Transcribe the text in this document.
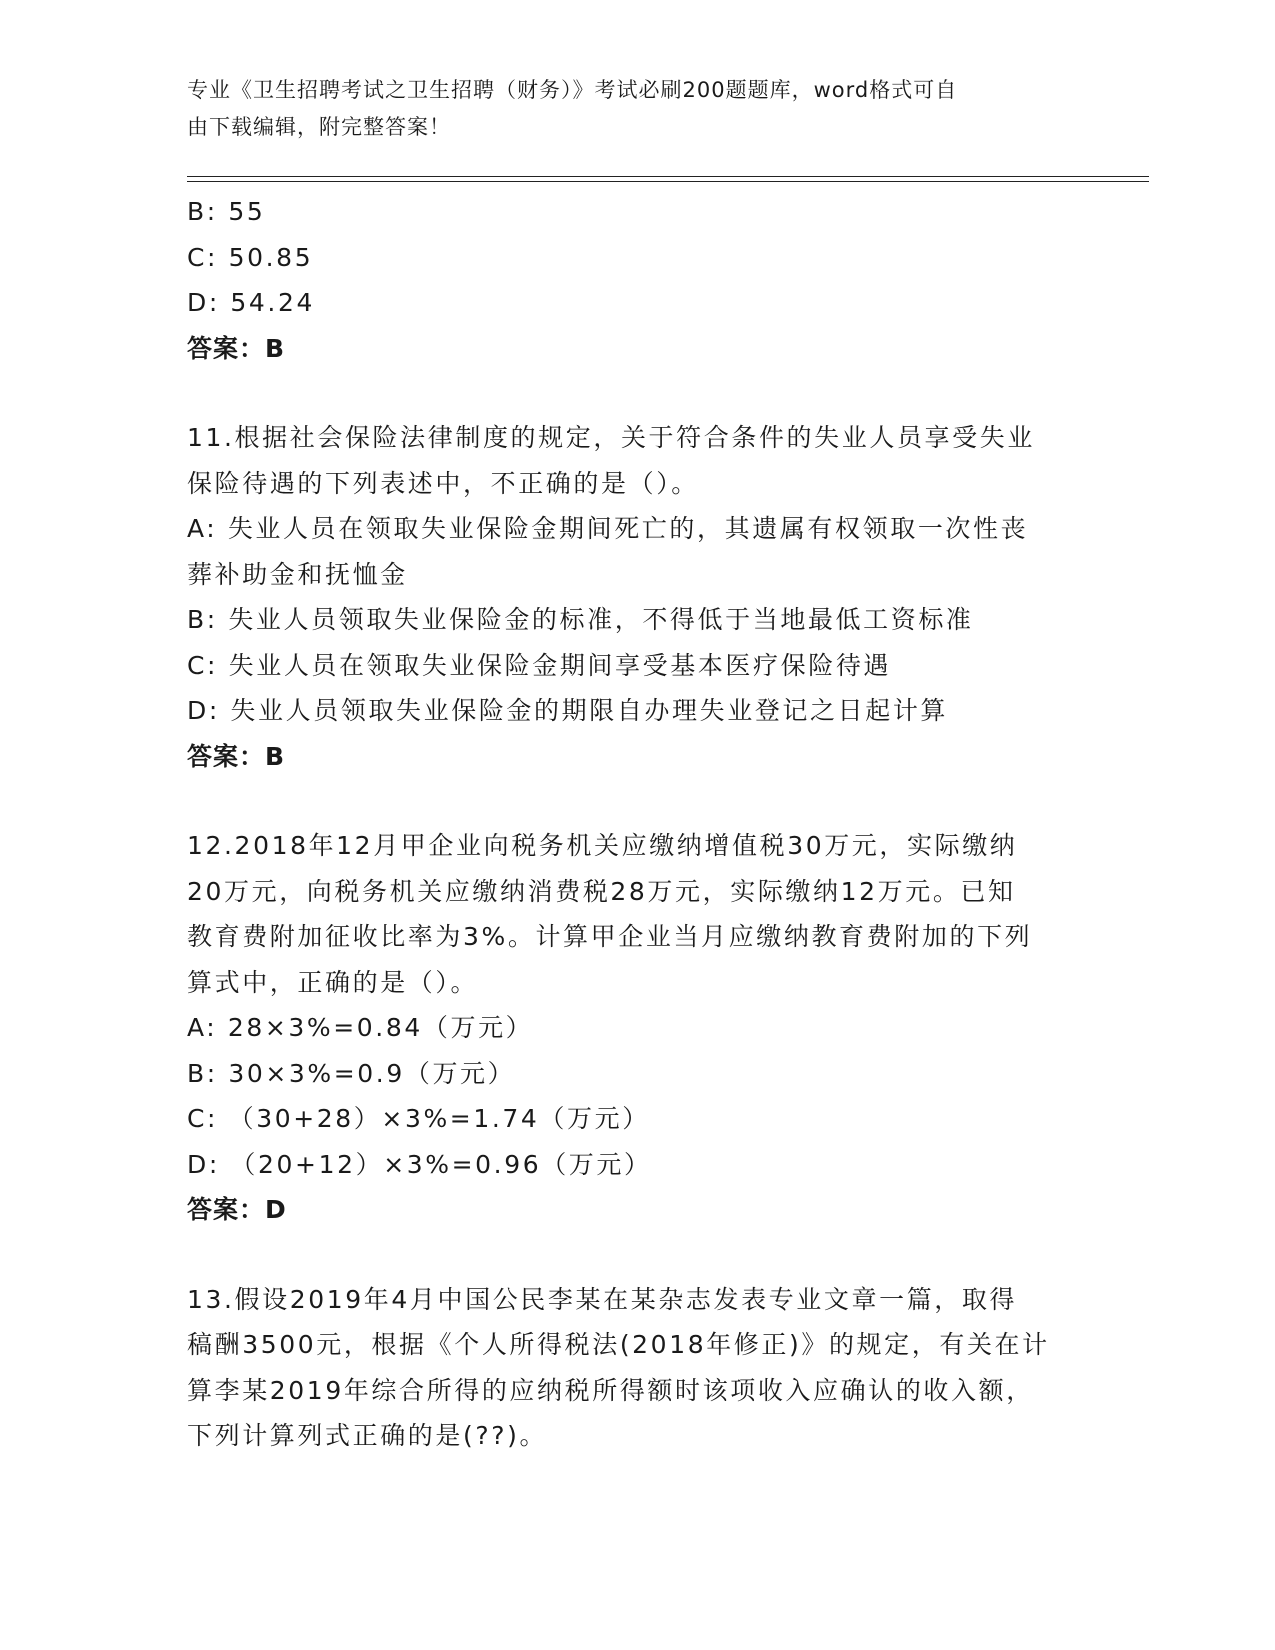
专业《卫生招聘考试之卫生招聘（财务）》考试必刷200题题库，word格式可自
由下载编辑，附完整答案！
B: 55
C: 50.85
D: 54.24
答案：B
11.根据社会保险法律制度的规定，关于符合条件的失业人员享受失业
保险待遇的下列表述中，不正确的是（）。
A: 失业人员在领取失业保险金期间死亡的，其遗属有权领取一次性丧
葬补助金和抚恤金
B: 失业人员领取失业保险金的标准，不得低于当地最低工资标准
C: 失业人员在领取失业保险金期间享受基本医疗保险待遇
D: 失业人员领取失业保险金的期限自办理失业登记之日起计算
答案：B
12.2018年12月甲企业向税务机关应缴纳增值税30万元，实际缴纳
20万元，向税务机关应缴纳消费税28万元，实际缴纳12万元。已知
教育费附加征收比率为3%。计算甲企业当月应缴纳教育费附加的下列
算式中，正确的是（）。
A: 28×3%=0.84（万元）
B: 30×3%=0.9（万元）
C: （30+28）×3%=1.74（万元）
D: （20+12）×3%=0.96（万元）
答案：D
13.假设2019年4月中国公民李某在某杂志发表专业文章一篇，取得
稿酬3500元，根据《个人所得税法(2018年修正)》的规定，有关在计
算李某2019年综合所得的应纳税所得额时该项收入应确认的收入额，
下列计算列式正确的是(??)。
